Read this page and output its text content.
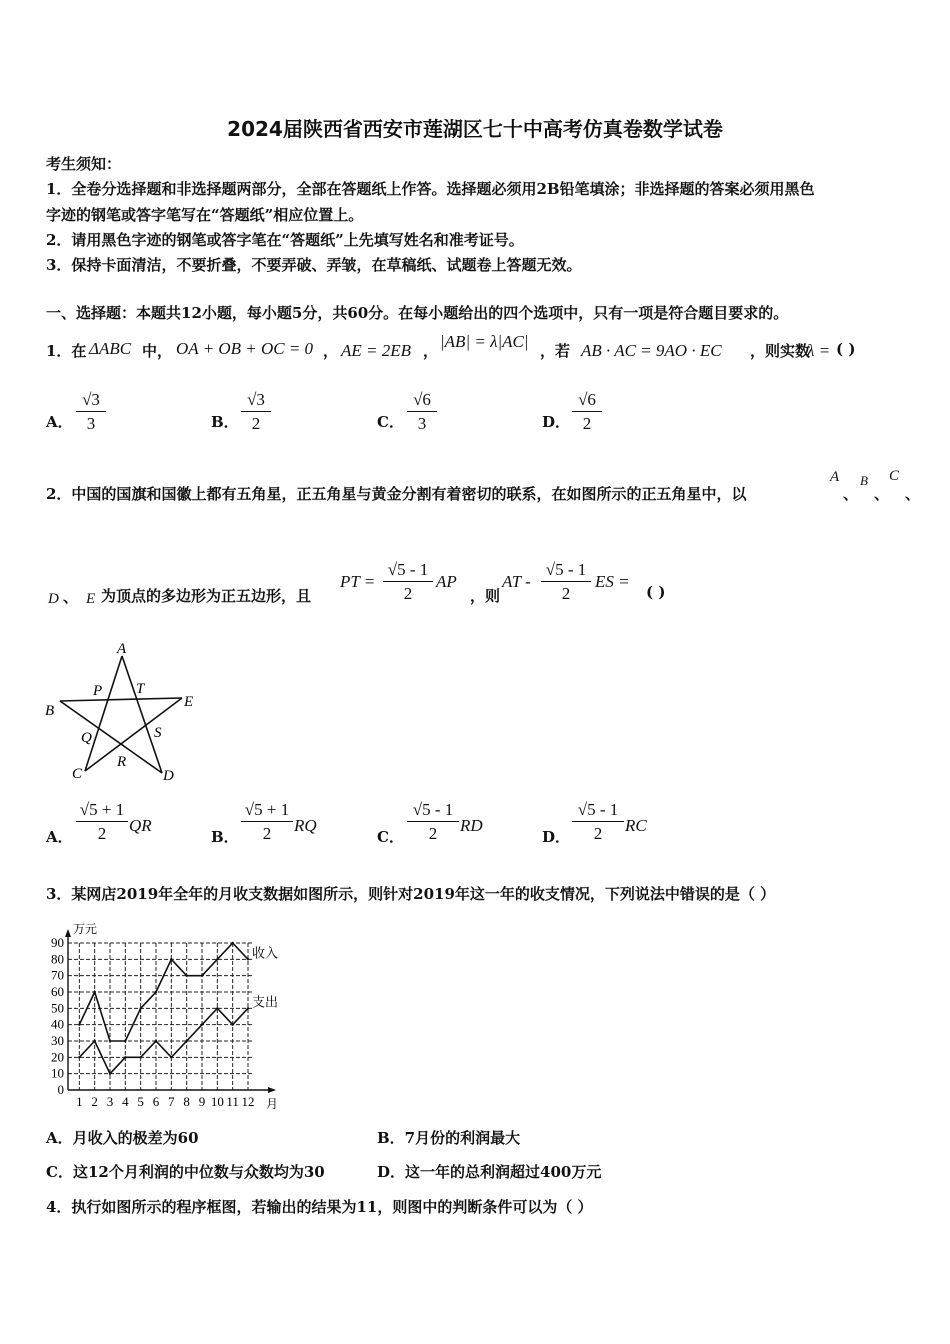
2024届陕西省西安市莲湖区七十中高考仿真卷数学试卷
考生须知：
1．全卷分选择题和非选择题两部分，全部在答题纸上作答。选择题必须用2B铅笔填涂；非选择题的答案必须用黑色
字迹的钢笔或答字笔写在“答题纸”相应位置上。
2．请用黑色字迹的钢笔或答字笔在“答题纸”上先填写姓名和准考证号。
3．保持卡面清洁，不要折叠，不要弄破、弄皱，在草稿纸、试题卷上答题无效。
一、选择题：本题共12小题，每小题5分，共60分。在每小题给出的四个选项中，只有一项是符合题目要求的。
1．在 ΔABC 中， OA + OB + OC = 0 ， AE = 2EB ， |AB| = λ|AC| ，若 AB · AC = 9AO · EC ，则实数
λ = ( )
A． $\frac{√3}{3}$	B． $\frac{√3}{2}$	C． $\frac{√6}{3}$	D． $\frac{√6}{2}$
2．中国的国旗和国徽上都有五角星，正五角星与黄金分割有着密切的联系，在如图所示的正五角星中，以
A
、
B
、
C
、
D 、 E 为顶点的多边形为正五边形，且
PT = $\frac{√5 - 1}{2}$ AP
，则
AT - $\frac{√5 - 1}{2}$ ES =
( )
A
P T
B
E
Q	S
R
C	D
A． $\frac{√5 + 1}{2}$ QR
B． $\frac{√5 + 1}{2}$ RQ
C． $\frac{√5 - 1}{2}$ RD
D． $\frac{√5 - 1}{2}$ RC
3．某网店2019年全年的月收支数据如图所示，则针对2019年这一年的收支情况，下列说法中错误的是（ ）
0
10
20
30
40
50
60
70
80
90
1 2 3 4 5 6 7 8 9 10 11 12
收入
支出
万元
月
A．月收入的极差为60	B．7月份的利润最大
C．这12个月利润的中位数与众数均为30	D．这一年的总利润超过400万元
4．执行如图所示的程序框图，若输出的结果为11，则图中的判断条件可以为（ ）
